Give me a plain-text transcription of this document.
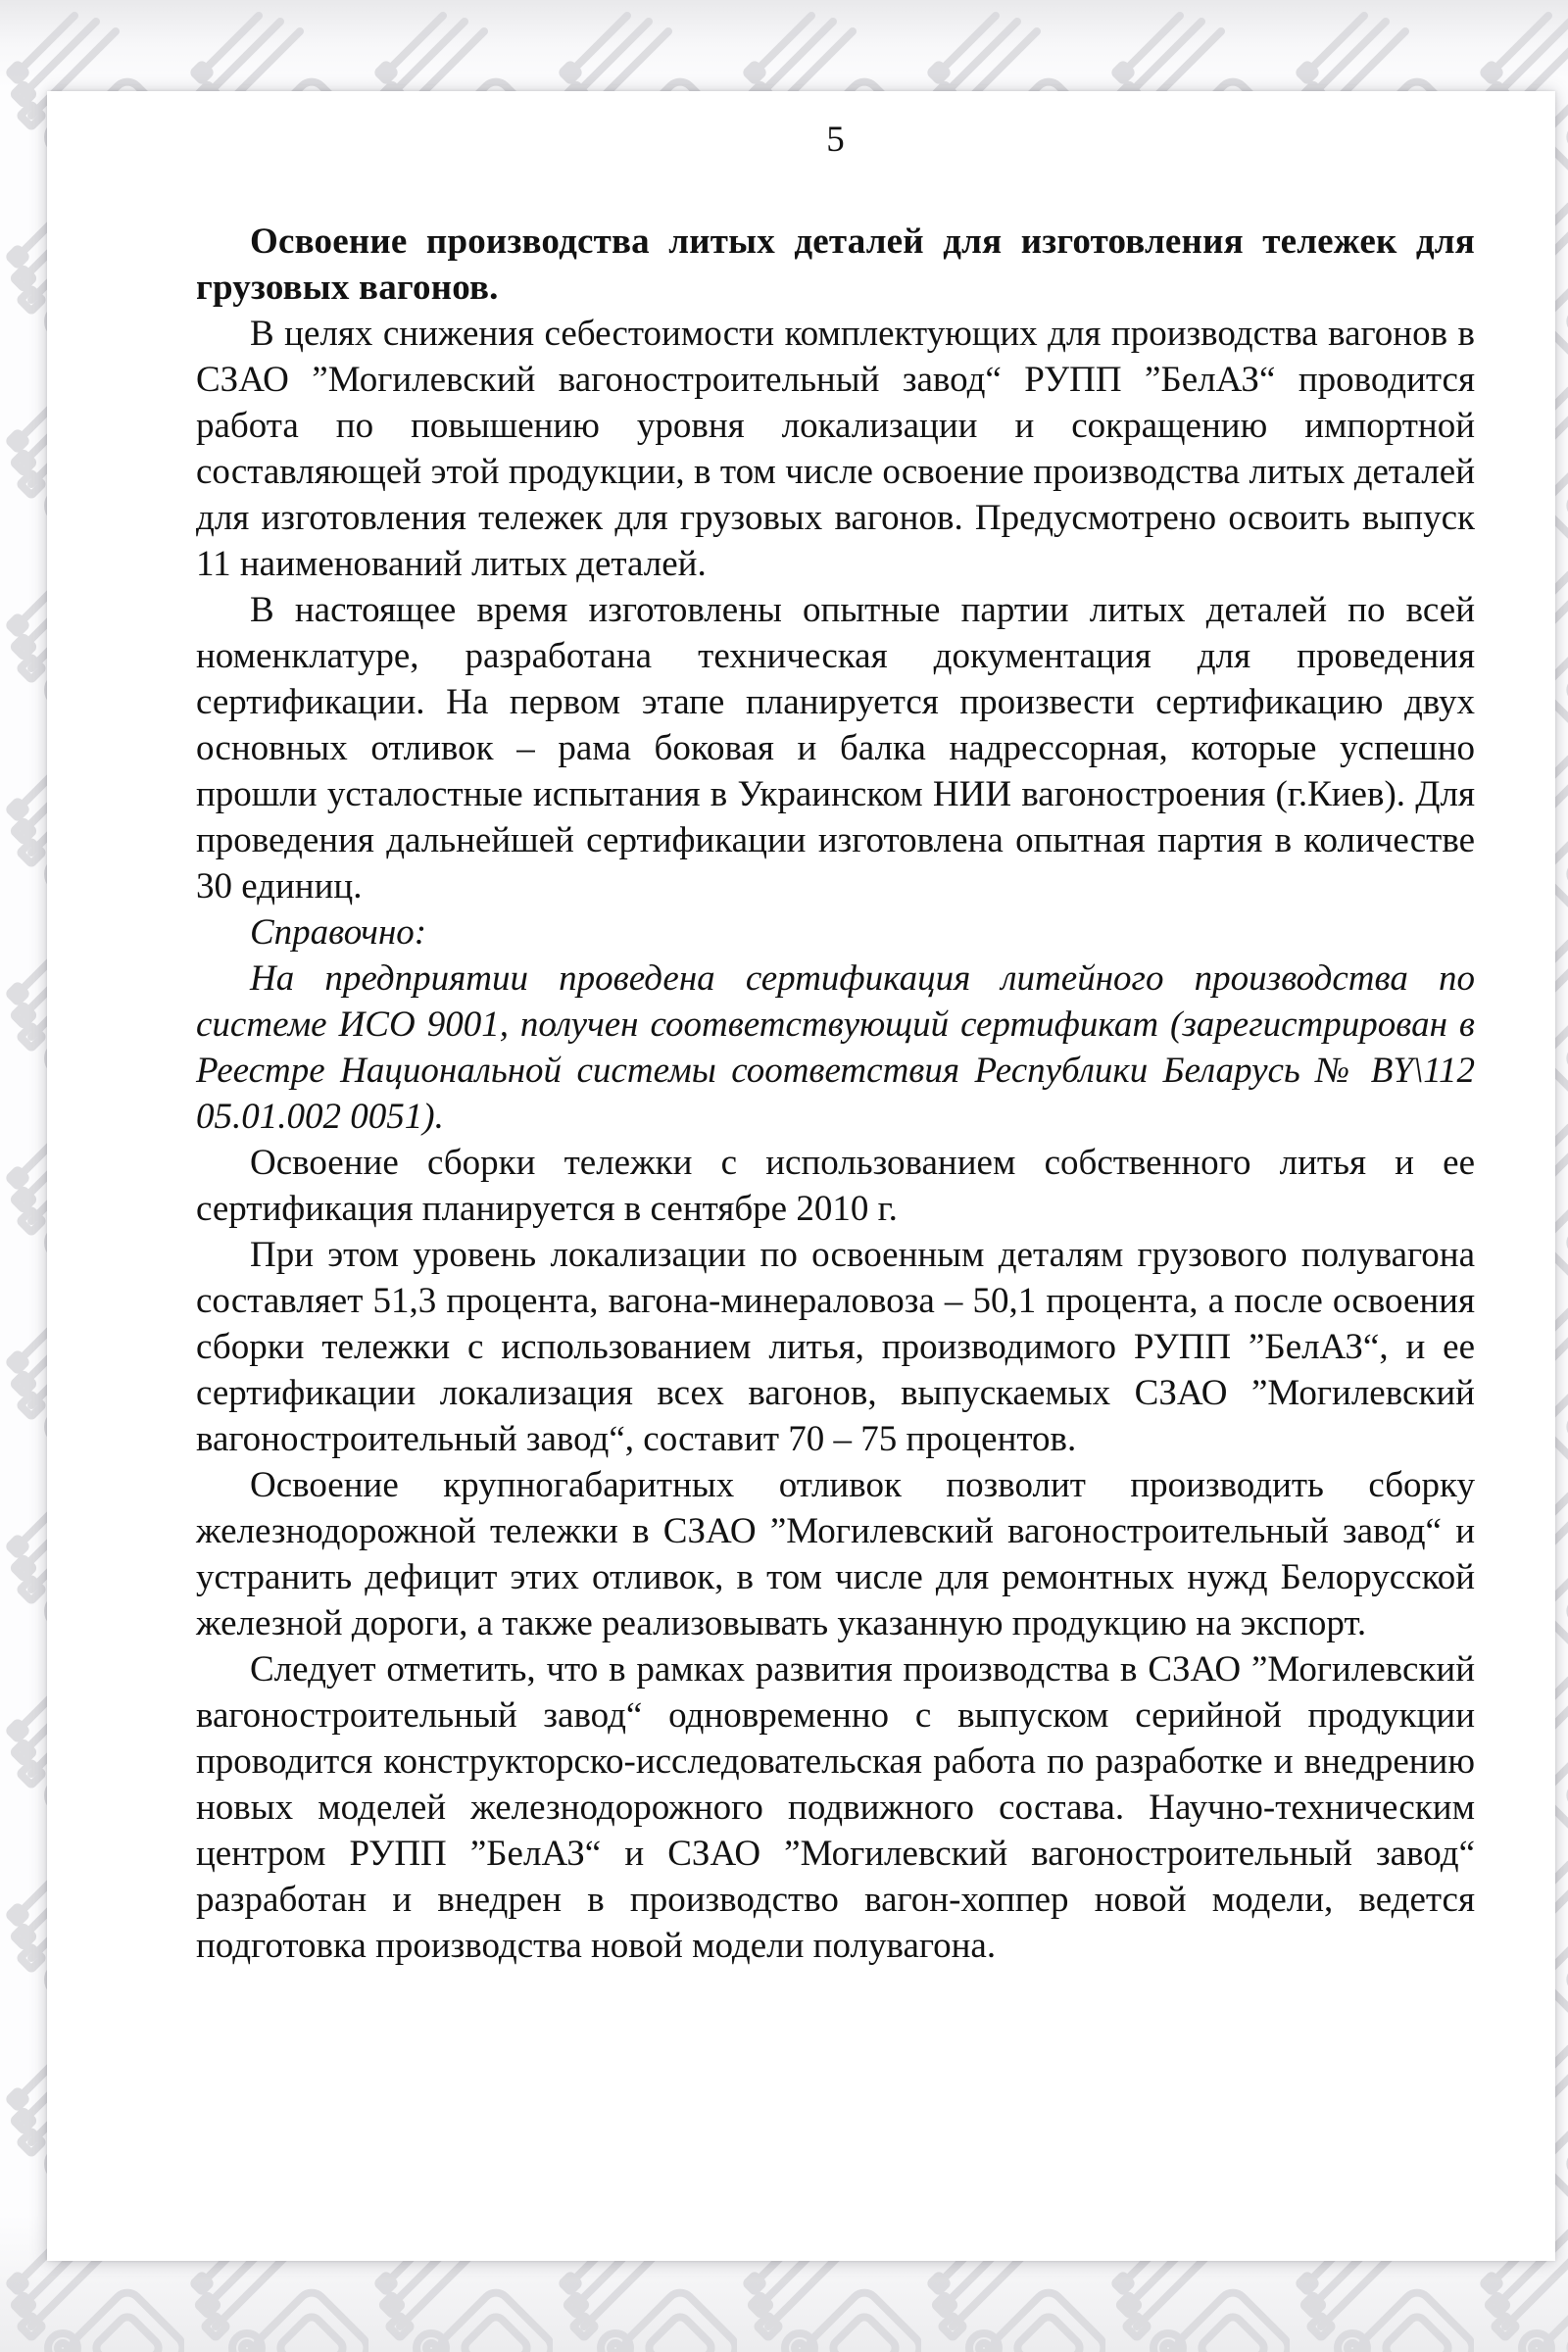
5

Освоение производства литых деталей для изготовления тележек для грузовых вагонов.

В целях снижения себестоимости комплектующих для производства вагонов в СЗАО ”Могилевский вагоностроительный завод“ РУПП ”БелАЗ“ проводится работа по повышению уровня локализации и сокращению импортной составляющей этой продукции, в том числе освоение производства литых деталей для изготовления тележек для грузовых вагонов. Предусмотрено освоить выпуск 11 наименований литых деталей.

В настоящее время изготовлены опытные партии литых деталей по всей номенклатуре, разработана техническая документация для проведения сертификации. На первом этапе планируется произвести сертификацию двух основных отливок – рама боковая и балка надрессорная, которые успешно прошли усталостные испытания в Украинском НИИ вагоностроения (г.Киев). Для проведения дальнейшей сертификации изготовлена опытная партия в количестве 30 единиц.

Справочно:

На предприятии проведена сертификация литейного производства по системе ИСО 9001, получен соответствующий сертификат (зарегистрирован в Реестре Национальной системы соответствия Республики Беларусь № BY\112 05.01.002 0051).

Освоение сборки тележки с использованием собственного литья и ее сертификация планируется в сентябре 2010 г.

При этом уровень локализации по освоенным деталям грузового полувагона составляет 51,3 процента, вагона-минераловоза – 50,1 процента, а после освоения сборки тележки с использованием литья, производимого РУПП ”БелАЗ“, и ее сертификации локализация всех вагонов, выпускаемых СЗАО ”Могилевский вагоностроительный завод“, составит 70 – 75 процентов.

Освоение крупногабаритных отливок позволит производить сборку железнодорожной тележки в СЗАО ”Могилевский вагоностроительный завод“ и устранить дефицит этих отливок, в том числе для ремонтных нужд Белорусской железной дороги, а также реализовывать указанную продукцию на экспорт.

Следует отметить, что в рамках развития производства в СЗАО ”Могилевский вагоностроительный завод“ одновременно с выпуском серийной продукции проводится конструкторско-исследовательская работа по разработке и внедрению новых моделей железнодорожного подвижного состава. Научно-техническим центром РУПП ”БелАЗ“ и СЗАО ”Могилевский вагоностроительный завод“ разработан и внедрен в производство вагон-хоппер новой модели, ведется подготовка производства новой модели полувагона.
